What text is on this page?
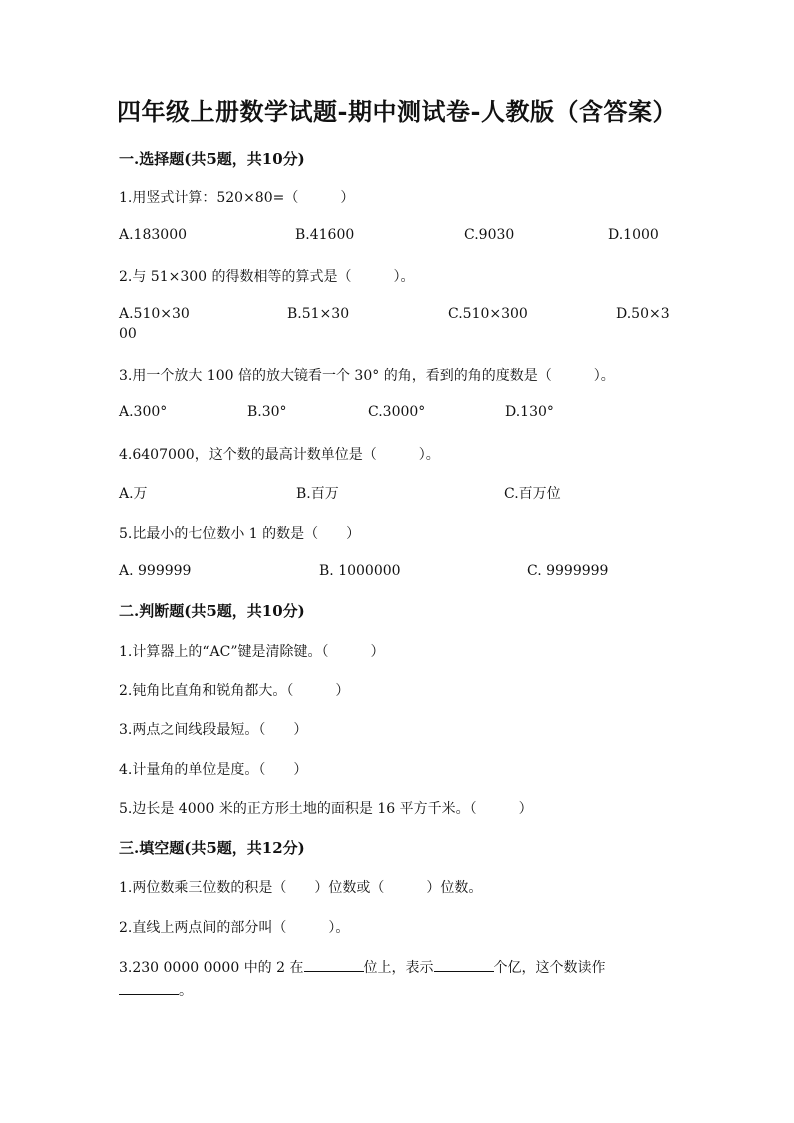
四年级上册数学试题-期中测试卷-人教版（含答案）
一.选择题(共5题，共10分)
1.用竖式计算：520×80=（　　　）
A.183000	B.41600	C.9030	D.1000
2.与 51×300 的得数相等的算式是（　　　）。
A.510×30	B.51×30	C.510×300	D.50×3
00
3.用一个放大 100 倍的放大镜看一个 30° 的角，看到的角的度数是（　　　）。
A.300°	B.30°	C.3000°	D.130°
4.6407000，这个数的最高计数单位是（　　　）。
A.万	B.百万	C.百万位
5.比最小的七位数小 1 的数是（　　）
A. 999999	B. 1000000	C. 9999999
二.判断题(共5题，共10分)
1.计算器上的“AC”键是清除键。（　　　）
2.钝角比直角和锐角都大。（　　　）
3.两点之间线段最短。（　　）
4.计量角的单位是度。（　　）
5.边长是 4000 米的正方形土地的面积是 16 平方千米。（　　　）
三.填空题(共5题，共12分)
1.两位数乘三位数的积是（　　）位数或（　　　）位数。
2.直线上两点间的部分叫（　　　）。
3.230 0000 0000 中的 2 在	位上，表示	个亿，这个数读作
。
